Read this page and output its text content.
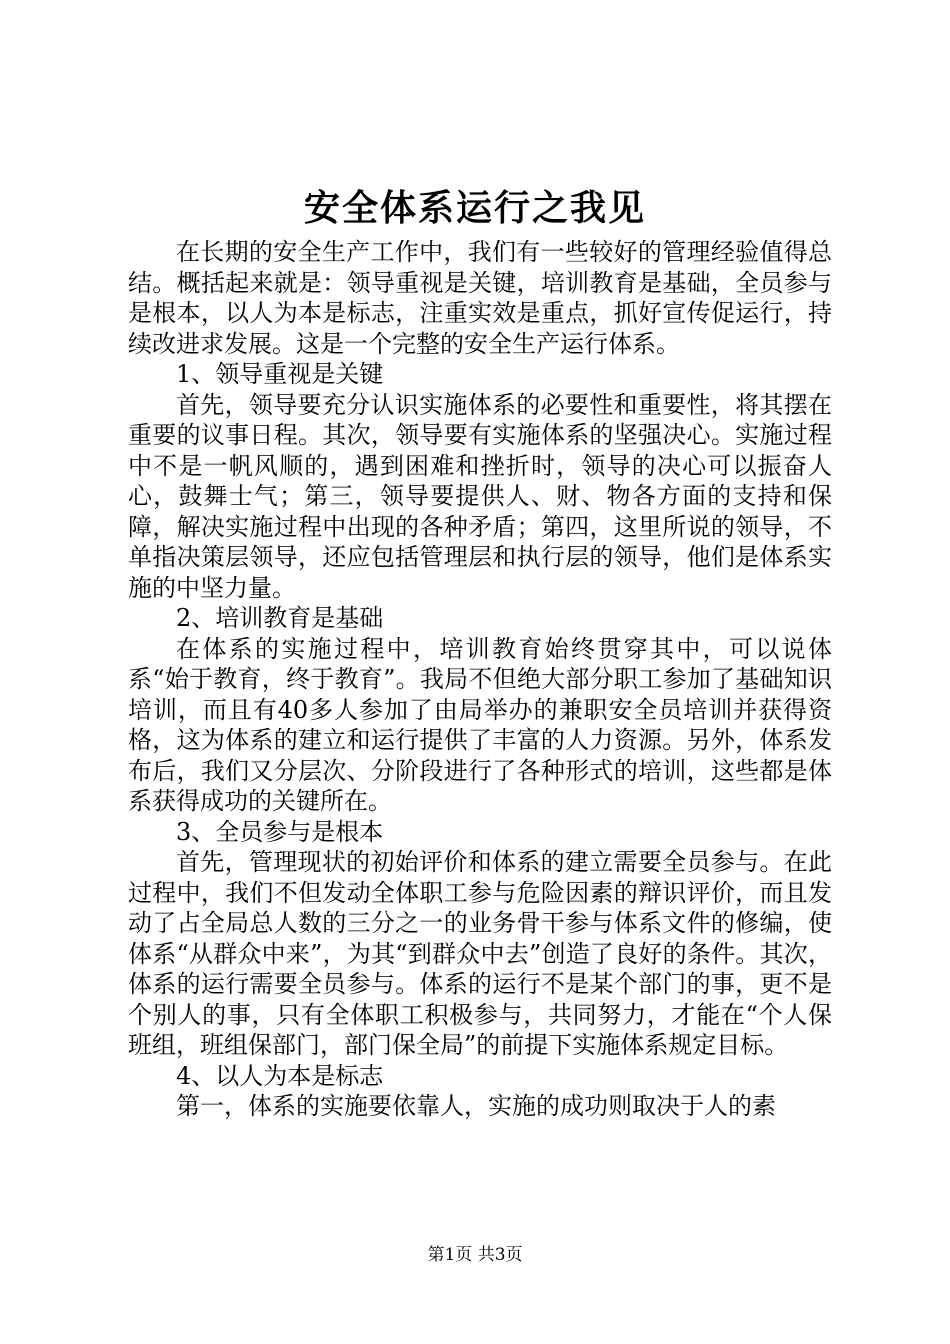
安全体系运行之我见

在长期的安全生产工作中，我们有一些较好的管理经验值得总结。概括起来就是：领导重视是关键，培训教育是基础，全员参与是根本，以人为本是标志，注重实效是重点，抓好宣传促运行，持续改进求发展。这是一个完整的安全生产运行体系。

1、领导重视是关键

首先，领导要充分认识实施体系的必要性和重要性，将其摆在重要的议事日程。其次，领导要有实施体系的坚强决心。实施过程中不是一帆风顺的，遇到困难和挫折时，领导的决心可以振奋人心，鼓舞士气；第三，领导要提供人、财、物各方面的支持和保障，解决实施过程中出现的各种矛盾；第四，这里所说的领导，不单指决策层领导，还应包括管理层和执行层的领导，他们是体系实施的中坚力量。

2、培训教育是基础

在体系的实施过程中，培训教育始终贯穿其中，可以说体系“始于教育，终于教育”。我局不但绝大部分职工参加了基础知识培训，而且有40多人参加了由局举办的兼职安全员培训并获得资格，这为体系的建立和运行提供了丰富的人力资源。另外，体系发布后，我们又分层次、分阶段进行了各种形式的培训，这些都是体系获得成功的关键所在。

3、全员参与是根本

首先，管理现状的初始评价和体系的建立需要全员参与。在此过程中，我们不但发动全体职工参与危险因素的辩识评价，而且发动了占全局总人数的三分之一的业务骨干参与体系文件的修编，使体系“从群众中来”，为其“到群众中去”创造了良好的条件。其次，体系的运行需要全员参与。体系的运行不是某个部门的事，更不是个别人的事，只有全体职工积极参与，共同努力，才能在“个人保班组，班组保部门，部门保全局”的前提下实施体系规定目标。

4、以人为本是标志

第一，体系的实施要依靠人，实施的成功则取决于人的素

第1页 共3页
